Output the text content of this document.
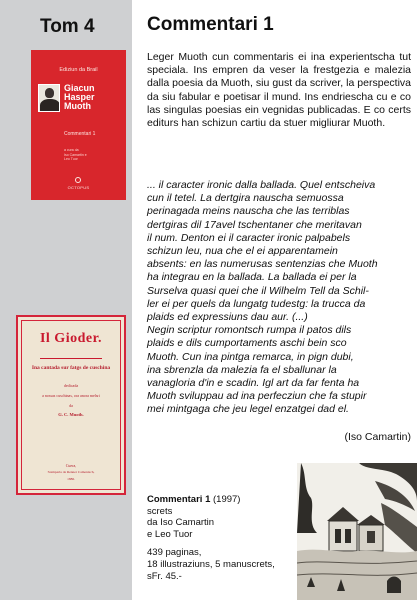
Tom 4
Ediziun da Brail
Giacun
Hasper
Muoth
Commentari 1
a cura da
Iso Camartin e
Leo Tuor
OCTOPUS
Il Gioder.
Ina cantada sur fatgs de cuschina
dedicada
a nossas cuschinas, ora anora melsri
da
G. C. Muoth.
Cuera,
Stamparia da Renner Camenisch,
1886.
Commentari 1

Leger Muoth cun commentaris ei ina experientscha tut speciala. Ins empren da veser la frestgezia e malezia dalla poesia da Muoth, siu gust da scriver, la perspectiva da siu fabular e poetisar il mund. Ins endriescha cu e co las singulas poesias ein vegnidas publicadas. E co certs editurs han schizun cartiu da stuer migliurar Muoth.

... il caracter ironic dalla ballada. Quel entscheiva
cun il tetel. La dertgira nauscha semuossa
perinagada meins nauscha che las terriblas
dertgiras dil 17avel tschentaner che meritavan
il num. Denton ei il caracter ironic palpabels
schizun leu, nua che el ei apparentamein
absents: en las numerusas sentenzias che Muoth
ha integrau en la ballada. La ballada ei per la
Surselva quasi quei che il Wilhelm Tell da Schil-
ler ei per quels da lungatg tudestg: la trucca da
plaids ed expressiuns dau aur. (...)
Negin scriptur romontsch rumpa il patos dils
plaids e dils cumportaments aschi bein sco
Muoth. Cun ina pintga remarca, in pign dubi,
ina sbrenzla da malezia fa el sballunar la
vanagloria d'in e scadin. Igl art da far fenta ha
Muoth sviluppau ad ina perfecziun che fa stupir
mei mintgaga che jeu legel enzatgei dad el.
(Iso Camartin)
Commentari 1 (1997)
screts
da Iso Camartin
e Leo Tuor
439 paginas,
18 illustraziuns, 5 manuscrets,
sFr. 45.-
